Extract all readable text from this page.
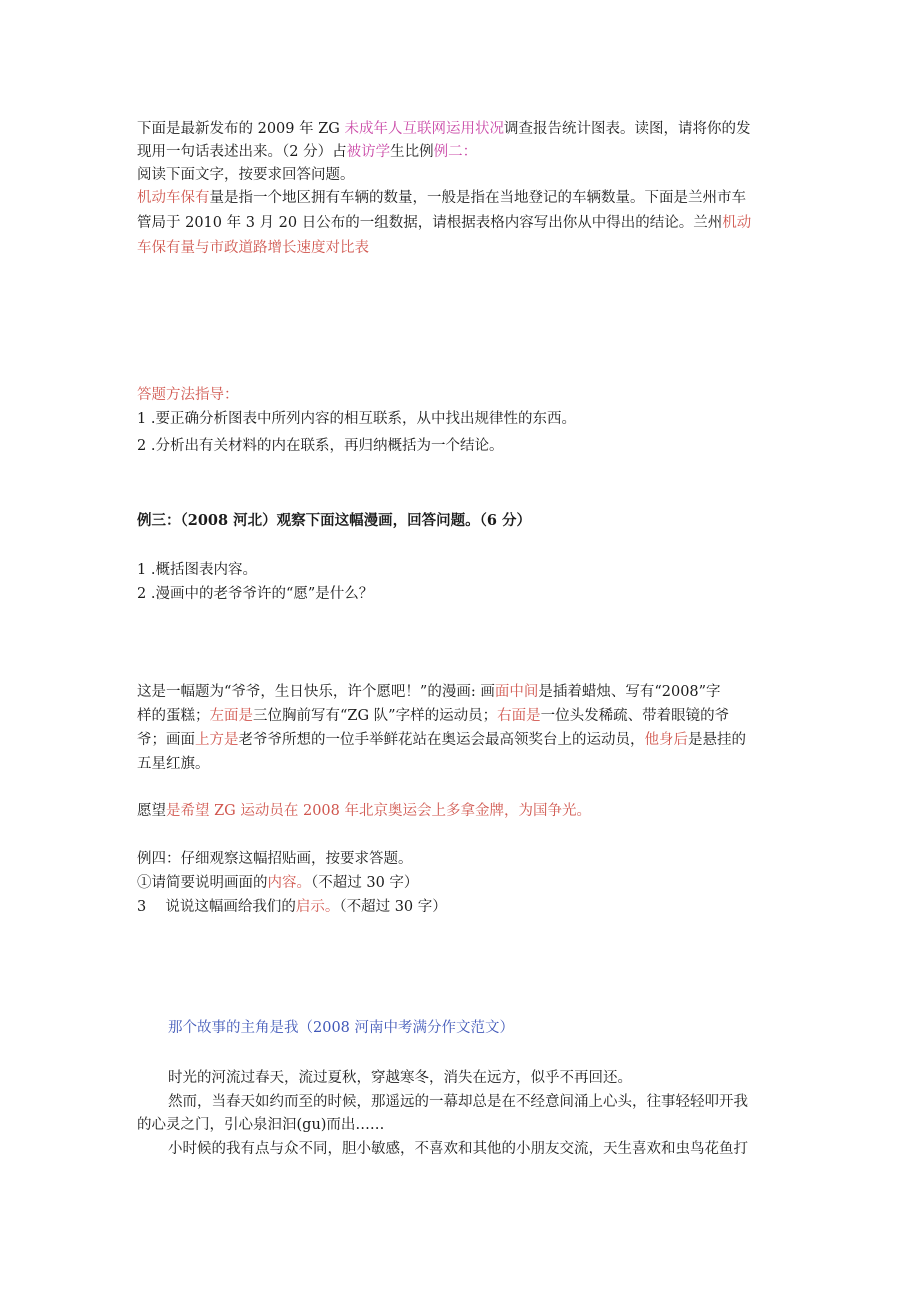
下面是最新发布的 2009 年 ZG 未成年人互联网运用状况调查报告统计图表。读图，请将你的发
现用一句话表述出来。（2 分）占被访学生比例例二：
阅读下面文字，按要求回答问题。
机动车保有量是指一个地区拥有车辆的数量，一般是指在当地登记的车辆数量。下面是兰州市车
管局于 2010 年 3 月 20 日公布的一组数据，请根据表格内容写出你从中得出的结论。兰州机动
车保有量与市政道路增长速度对比表
答题方法指导：
1 .要正确分析图表中所列内容的相互联系，从中找出规律性的东西。
2 .分析出有关材料的内在联系，再归纳概括为一个结论。
例三：（2008 河北）观察下面这幅漫画，回答问题。（6 分）
1 .概括图表内容。
2 .漫画中的老爷爷许的“愿”是什么？
这是一幅题为“爷爷，生日快乐，许个愿吧！”的漫画: 画面中间是插着蜡烛、写有“2008”字
样的蛋糕；左面是三位胸前写有“ZG 队”字样的运动员；右面是一位头发稀疏、带着眼镜的爷
爷；画面上方是老爷爷所想的一位手举鲜花站在奥运会最高领奖台上的运动员，他身后是悬挂的
五星红旗。
愿望是希望 ZG 运动员在 2008 年北京奥运会上多拿金牌，为国争光。
例四：仔细观察这幅招贴画，按要求答题。
①请简要说明画面的内容。（不超过 30 字）
3　 说说这幅画给我们的启示。（不超过 30 字）
那个故事的主角是我（2008 河南中考满分作文范文）
时光的河流过春天，流过夏秋，穿越寒冬，消失在远方，似乎不再回还。
然而，当春天如约而至的时候，那遥远的一幕却总是在不经意间涌上心头，往事轻轻叩开我
的心灵之门，引心泉汩汩(gu)而出……
小时候的我有点与众不同，胆小敏感，不喜欢和其他的小朋友交流，天生喜欢和虫鸟花鱼打
